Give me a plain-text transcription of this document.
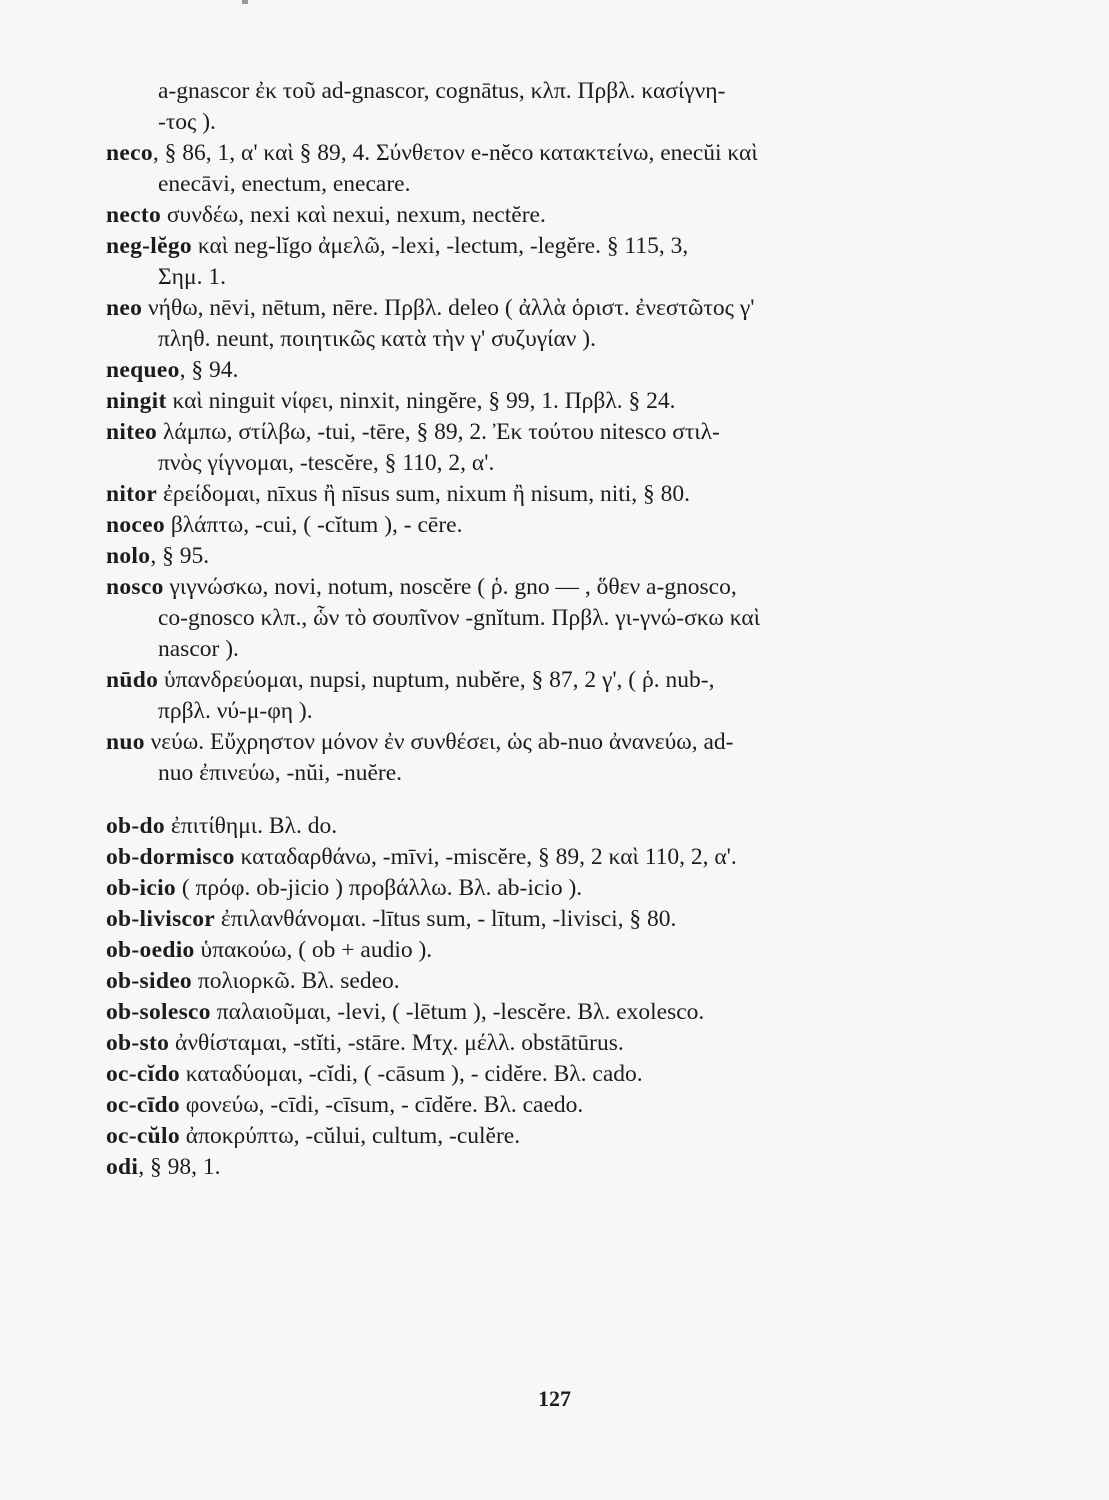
a-gnascor ἐκ τοῦ ad-gnascor, cognātus, κλπ. Πρβλ. κασίγνη-

-τος ).

neco, § 86, 1, α' καὶ § 89, 4. Σύνθετον e-nĕco κατακτείνω, enecŭi καὶ

enecāvi, enectum, enecare.

necto συνδέω, nexi καὶ nexui, nexum, nectĕre.

neg-lĕgo καὶ neg-lĭgo ἀμελῶ, -lexi, -lectum, -legĕre. § 115, 3,

Σημ. 1.

neo νήθω, nēvi, nētum, nēre. Πρβλ. deleo ( ἀλλὰ ὁριστ. ἐνεστῶτος γ'

πληθ. neunt, ποιητικῶς κατὰ τὴν γ' συζυγίαν ).

nequeo, § 94.

ningit καὶ ninguit νίφει, ninxit, ningĕre, § 99, 1. Πρβλ. § 24.

niteo λάμπω, στίλβω, -tui, -tēre, § 89, 2. Ἐκ τούτου nitesco στιλ-

πνὸς γίγνομαι, -tescĕre, § 110, 2, α'.

nitor ἐρείδομαι, nīxus ἢ nīsus sum, nixum ἢ nisum, niti, § 80.

noceo βλάπτω, -cui, ( -cĭtum ), - cēre.

nolo, § 95.

nosco γιγνώσκω, novi, notum, noscĕre ( ῥ. gno — , ὅθεν a-gnosco,

co-gnosco κλπ., ὧν τὸ σουπῖνον -gnĭtum. Πρβλ. γι-γνώ-σκω καὶ

nascor ).

nūdo ὑπανδρεύομαι, nupsi, nuptum, nubĕre, § 87, 2 γ', ( ῥ. nub-,

πρβλ. νύ-μ-φη ).

nuo νεύω. Εὔχρηστον μόνον ἐν συνθέσει, ὡς ab-nuo ἀνανεύω, ad-

nuo ἐπινεύω, -nŭi, -nuĕre.

ob-do ἐπιτίθημι. Βλ. do.

ob-dormisco καταδαρθάνω, -mīvi, -miscĕre, § 89, 2 καὶ 110, 2, α'.

ob-icio ( πρόφ. ob-jicio ) προβάλλω. Βλ. ab-icio ).

ob-liviscor ἐπιλανθάνομαι. -lītus sum, - lītum, -livisci, § 80.

ob-oedio ὑπακούω, ( ob + audio ).

ob-sideo πολιορκῶ. Βλ. sedeo.

ob-solesco παλαιοῦμαι, -levi, ( -lētum ), -lescĕre. Βλ. exolesco.

ob-sto ἀνθίσταμαι, -stĭti, -stāre. Μτχ. μέλλ. obstātūrus.

oc-cĭdo καταδύομαι, -cĭdi, ( -cāsum ), - cidĕre. Βλ. cado.

oc-cīdo φονεύω, -cīdi, -cīsum, - cīdĕre. Βλ. caedo.

oc-cŭlo ἀποκρύπτω, -cŭlui, cultum, -culĕre.

odi, § 98, 1.

127
